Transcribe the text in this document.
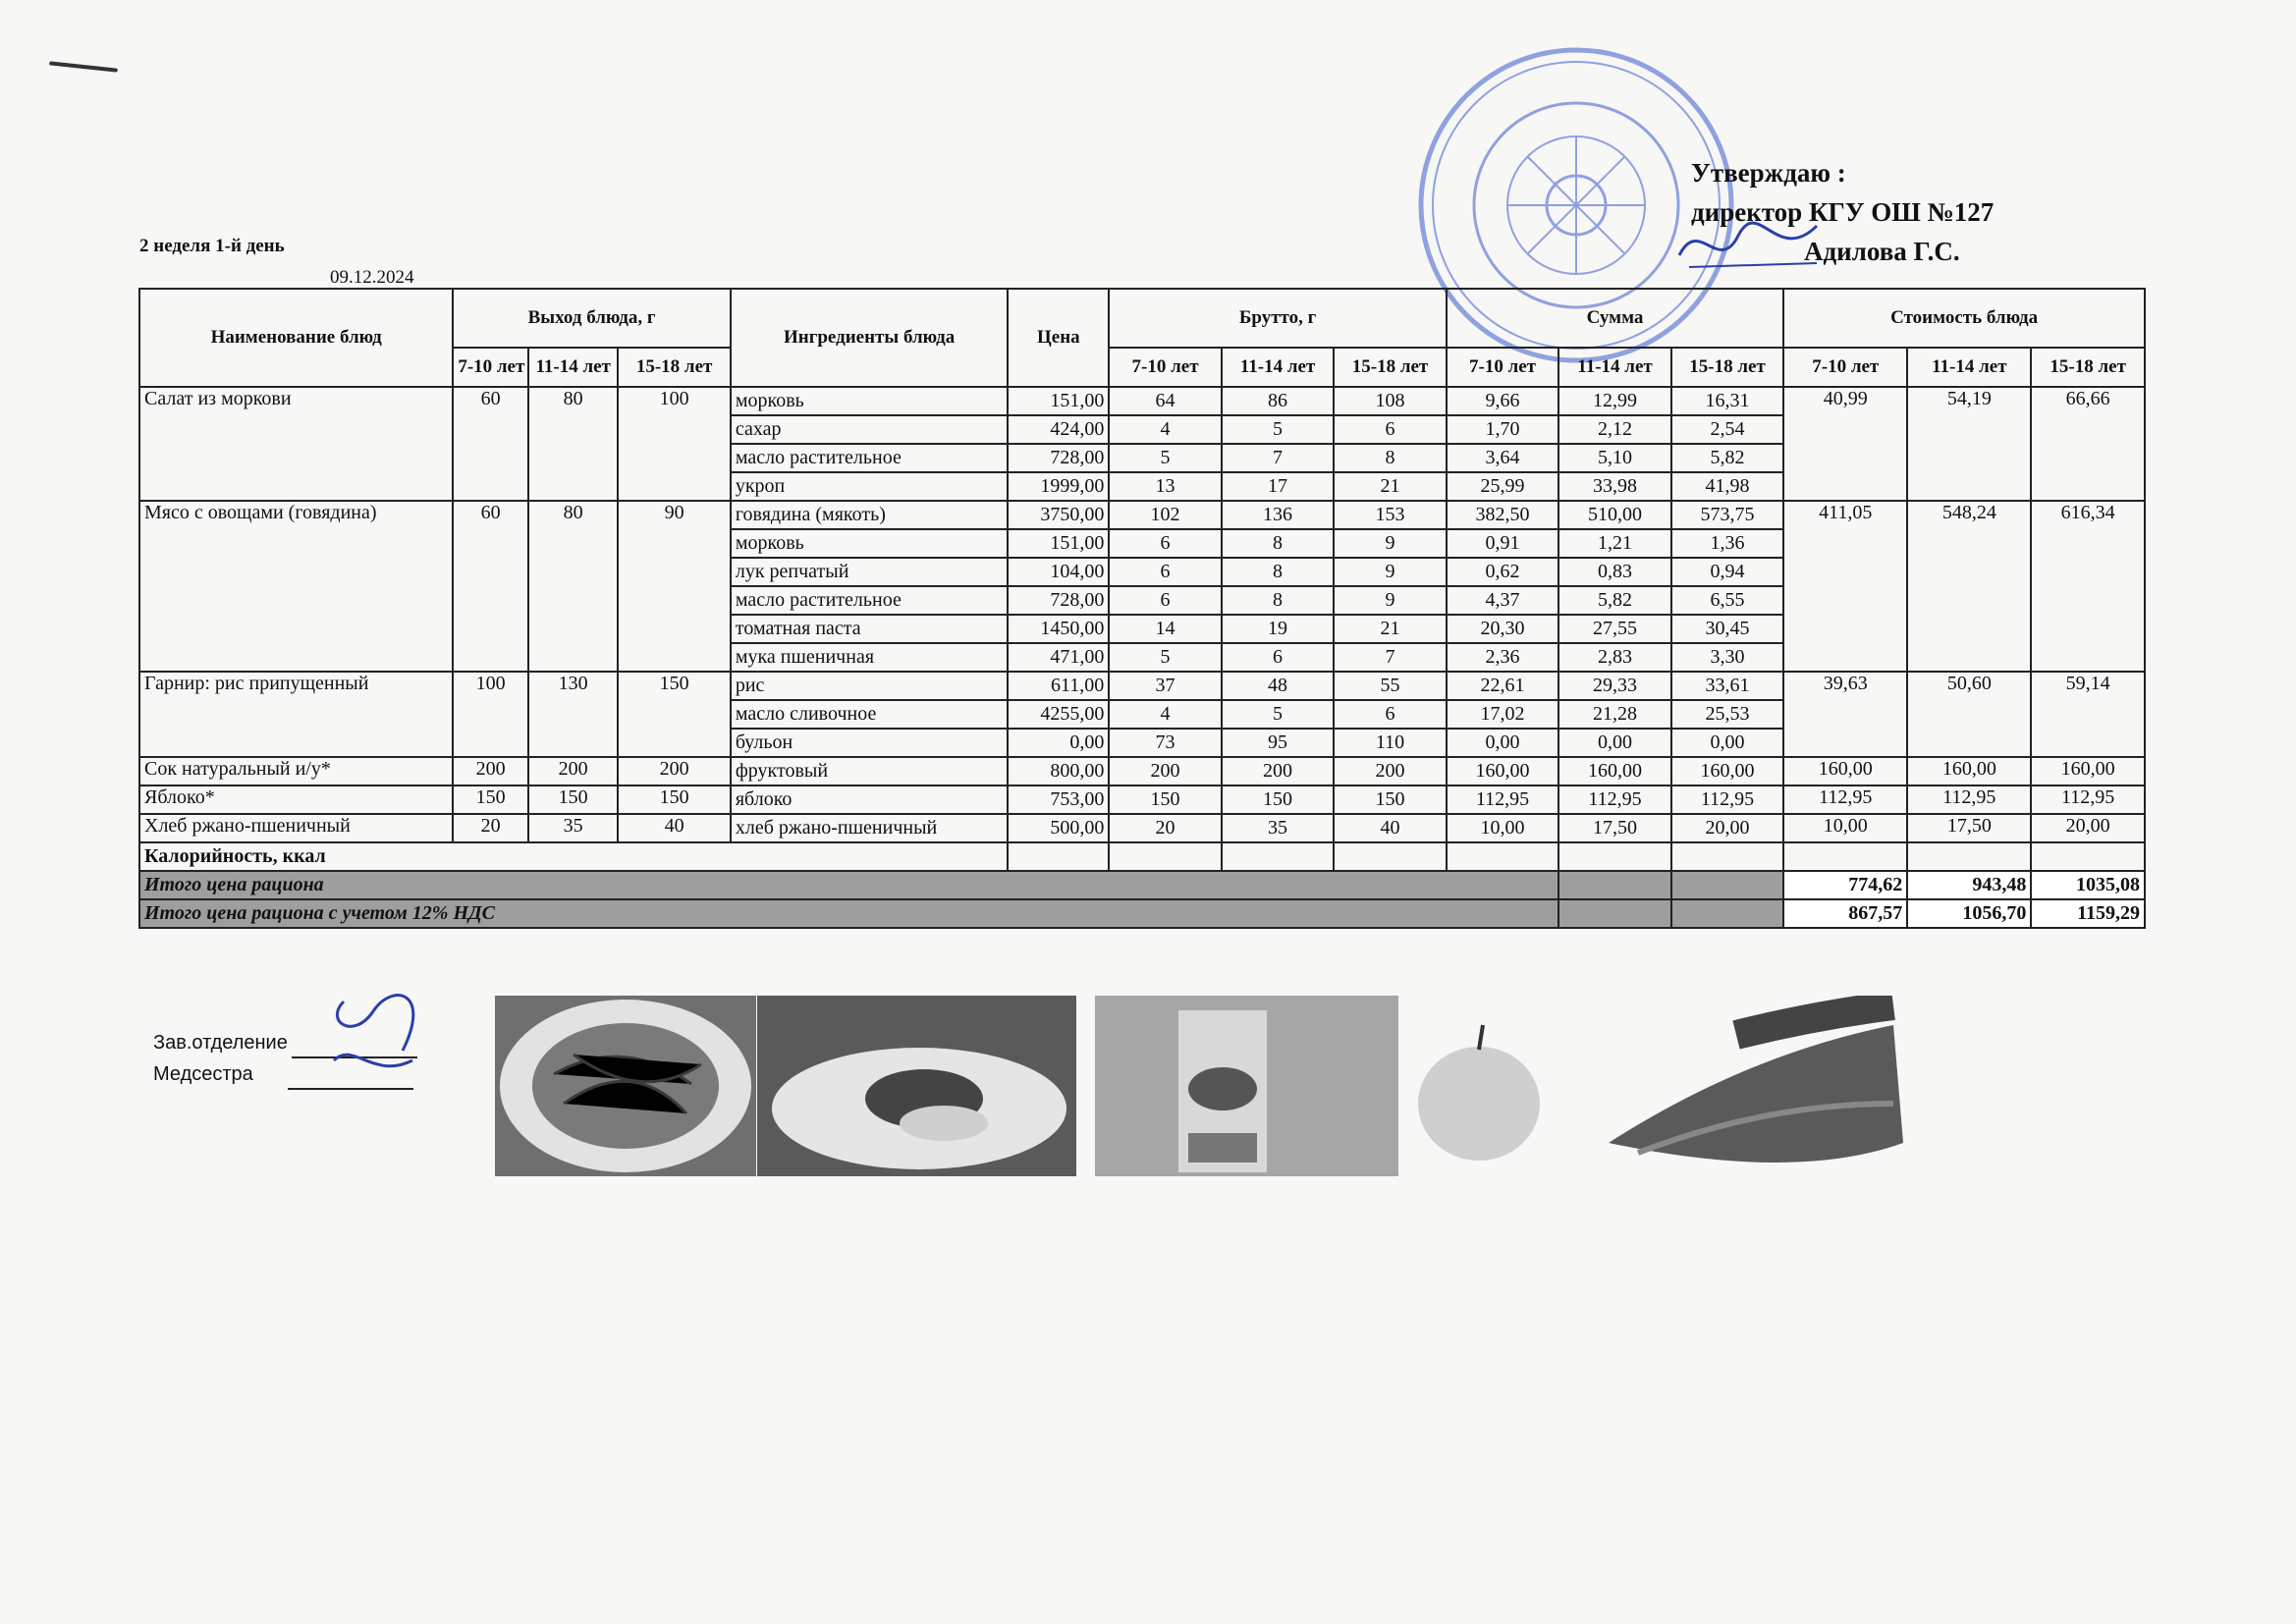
Утверждаю :
директор КГУ ОШ №127
Адилова Г.С.
2 неделя 1-й день
09.12.2024
Наименование блюд	Выход блюда, г			Ингредиенты блюда	Цена	Брутто, г			Сумма			Стоимость блюда		
	7-10 лет	11-14 лет	15-18 лет			7-10 лет	11-14 лет	15-18 лет	7-10 лет	11-14 лет	15-18 лет	7-10 лет	11-14 лет	15-18 лет
Салат из моркови	60	80	100	морковь	151,00	64	86	108	9,66	12,99	16,31	40,99	54,19	66,66
				сахар	424,00	4	5	6	1,70	2,12	2,54			
				масло растительное	728,00	5	7	8	3,64	5,10	5,82			
				укроп	1999,00	13	17	21	25,99	33,98	41,98			
Мясо с овощами (говядина)	60	80	90	говядина (мякоть)	3750,00	102	136	153	382,50	510,00	573,75	411,05	548,24	616,34
				морковь	151,00	6	8	9	0,91	1,21	1,36			
				лук репчатый	104,00	6	8	9	0,62	0,83	0,94			
				масло растительное	728,00	6	8	9	4,37	5,82	6,55			
				томатная паста	1450,00	14	19	21	20,30	27,55	30,45			
				мука пшеничная	471,00	5	6	7	2,36	2,83	3,30			
Гарнир: рис припущенный	100	130	150	рис	611,00	37	48	55	22,61	29,33	33,61	39,63	50,60	59,14
				масло сливочное	4255,00	4	5	6	17,02	21,28	25,53			
				бульон	0,00	73	95	110	0,00	0,00	0,00			
Сок натуральный и/у*	200	200	200	фруктовый	800,00	200	200	200	160,00	160,00	160,00	160,00	160,00	160,00
Яблоко*	150	150	150	яблоко	753,00	150	150	150	112,95	112,95	112,95	112,95	112,95	112,95
Хлеб ржано-пшеничный	20	35	40	хлеб ржано-пшеничный	500,00	20	35	40	10,00	17,50	20,00	10,00	17,50	20,00
Калорийность, ккал														
Итого цена рациона												774,62	943,48	1035,08
Итого цена рациона с учетом 12% НДС												867,57	1056,70	1159,29
Зав.отделение
Медсестра
